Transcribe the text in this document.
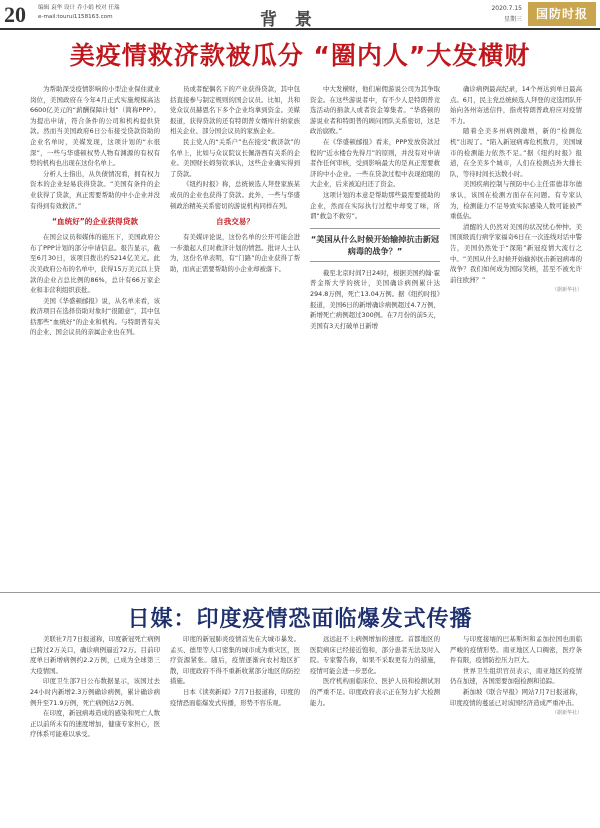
20 编辑 袁华 设计 乔小娟 校对 任瑞
e-mail:tourui1158163.com	背 景
2020.7.15
星期三	国防时报
美疫情救济款被瓜分 “圈内人”大发横财

为帮助深受疫情影响的小型企业保住就业岗位，美国政府在今年4月正式实施规模高达6600亿美元的“薪酬保障计划”（简称PPP）。为提出申请，符合条件的公司和机构提供贷款。然而当美国政府6日公布接受贷款资助的企业名单时，美媒发现，这项计划的“水很深”，一些与华盛顿权势人物有渊源的有权有势的机构也出现在这份名单上。

分析人士指出，从负债情况看，拥有权力资本的企业轻易获得贷款。“美国有条件的企业获得了贷款，真正需要帮助的中小企业并没有得到有效救济。”

“血统好”的企业获得贷款

在国会议员和媒体的施压下，美国政府公布了PPP计划的部分申请信息。报告显示，截至6月30日，该项目拨出约5214亿美元。此次美政府公布的名单中，获得15万美元以上贷款的企业占总比例的86%，总计有66万家企业和非营利组织获批。

美国《华盛顿邮报》说，从名单来看，该救济项目在选择资助对象时“很随意”，其中包括那些“血统好”的企业和机构。与特朗普有关的企业、国会议员的亲属企业也在列。

员或者配偶名下的产业获得贷款，其中包括直接参与制定规则的国会议员。比如，共和党众议员赫恩名下多个企业均拿到资金。美媒报道，获得贷款的还有特朗普女婿库什纳家族相关企业、部分国会议员的家族企业。

民主党人的“关系户”也在接受“救济款”的名单上，比如与众议院议长佩洛西有关系的企业。美国财长姆努钦承认，这些企业确实得到了贷款。

《纽约时报》称，总统候选人拜登家族某成员的企业也获得了贷款。此外，一些与华盛顿政治精英关系密切的游说机构同样在列。

自我交易？

有美媒评论说，这份名单的公开可能会进一步激起人们对救济计划的愤怒。批评人士认为，这份名单表明，有“门路”的企业获得了帮助，而真正需要帮助的小企业却被落下。

中大发横财，他们雇佣游说公司为其争取资金。在这些游说者中，有不少人是特朗普竞选活动的捐款人或者资金筹集者。“华盛顿的游说业者和特朗普的顾问团队关系密切，这是政治腐败。”

在《华盛顿邮报》看来，PPP发放贷款过程的“近水楼台先得月”的原则，并没有对申请者作任何审核，受到影响最大的是真正需要救济的中小企业。一些在贷款过程中表现抢眼的大企业，后来被迫归还了资金。

这项计划的本意是帮助那些最需要援助的企业，然而在实际执行过程中却变了味，所谓“救急不救穷”。

“美国从什么时候开始输掉抗击新冠病毒的战争？”

截至北京时间7日24时，根据美国约翰·霍普金斯大学的统计，美国确诊病例累计达294.8万例，死亡13.04万例。据《纽约时报》报道，美国6日的新增确诊病例超过4.7万例，新增死亡病例超过300例。在7月份的前5天，美国有3天打破单日新增

确诊病例最高纪录，14个州达到单日最高点。6月，民主党总统候选人拜登的竞选团队开始向各州寄送信件，指责特朗普政府应对疫情不力。

随着全美多州病例激增，新的“检测危机”出现了。“陷入新冠病毒危机数月，美国城市的检测能力依然不足。”据《纽约时报》报道，在全美多个城市，人们在检测点外大排长队，等待时间长达数小时。

美国疾病控制与预防中心主任雷德菲尔德承认，该国在检测方面存在问题。有专家认为，检测能力不足导致实际感染人数可能被严重低估。

清醒的人仍然对美国的状况忧心忡忡。美国顶级流行病学家福奇6日在一次连线对话中警告，美国仍然处于“深陷”新冠疫情大流行之中。“美国从什么时候开始输掉抗击新冠病毒的战争？我们如何成为国际笑柄，甚至不被允许前往欧洲？”

（据新华社）

日媒：印度疫情恐面临爆发式传播

美联社7月7日报道称，印度新冠死亡病例已跨过2万关口，确诊病例逼近72万。目前印度单日新增病例约2.2万例，已成为全球第三大疫情国。

印度卫生部7日公布数据显示，该国过去24小时内新增2.3万例确诊病例，累计确诊病例升至71.9万例，死亡病例达2万例。

在印度，新冠病毒造成的感染和死亡人数正以前所未有的速度增加，健康专家担心，医疗体系可能难以承受。

印度的新冠肺炎疫情首先在大城市暴发。孟买、德里等人口密集的城市成为重灾区，医疗资源紧张。随后，疫情逐渐向农村地区扩散，印度政府不得不重新收紧部分地区的防控措施。

日本《读卖新闻》7月7日报道称，印度的疫情恐面临爆发式传播，形势不容乐观。

远远赶不上病例增加的速度。首都地区的医院病床已经接近饱和，部分患者无法及时入院。专家警告称，如果不采取更有力的措施，疫情可能会进一步恶化。

医疗机构面临床位、医护人员和检测试剂的严重不足。印度政府表示正在努力扩大检测能力。

与印度接壤的巴基斯坦和孟加拉国也面临严峻的疫情形势。南亚地区人口稠密，医疗条件有限，疫情防控压力巨大。

世界卫生组织官员表示，南亚地区的疫情仍在加速，各国需要加强检测和追踪。

新加坡《联合早报》网站7月7日报道称，印度疫情的蔓延已对该国经济造成严重冲击。

（据新华社）
